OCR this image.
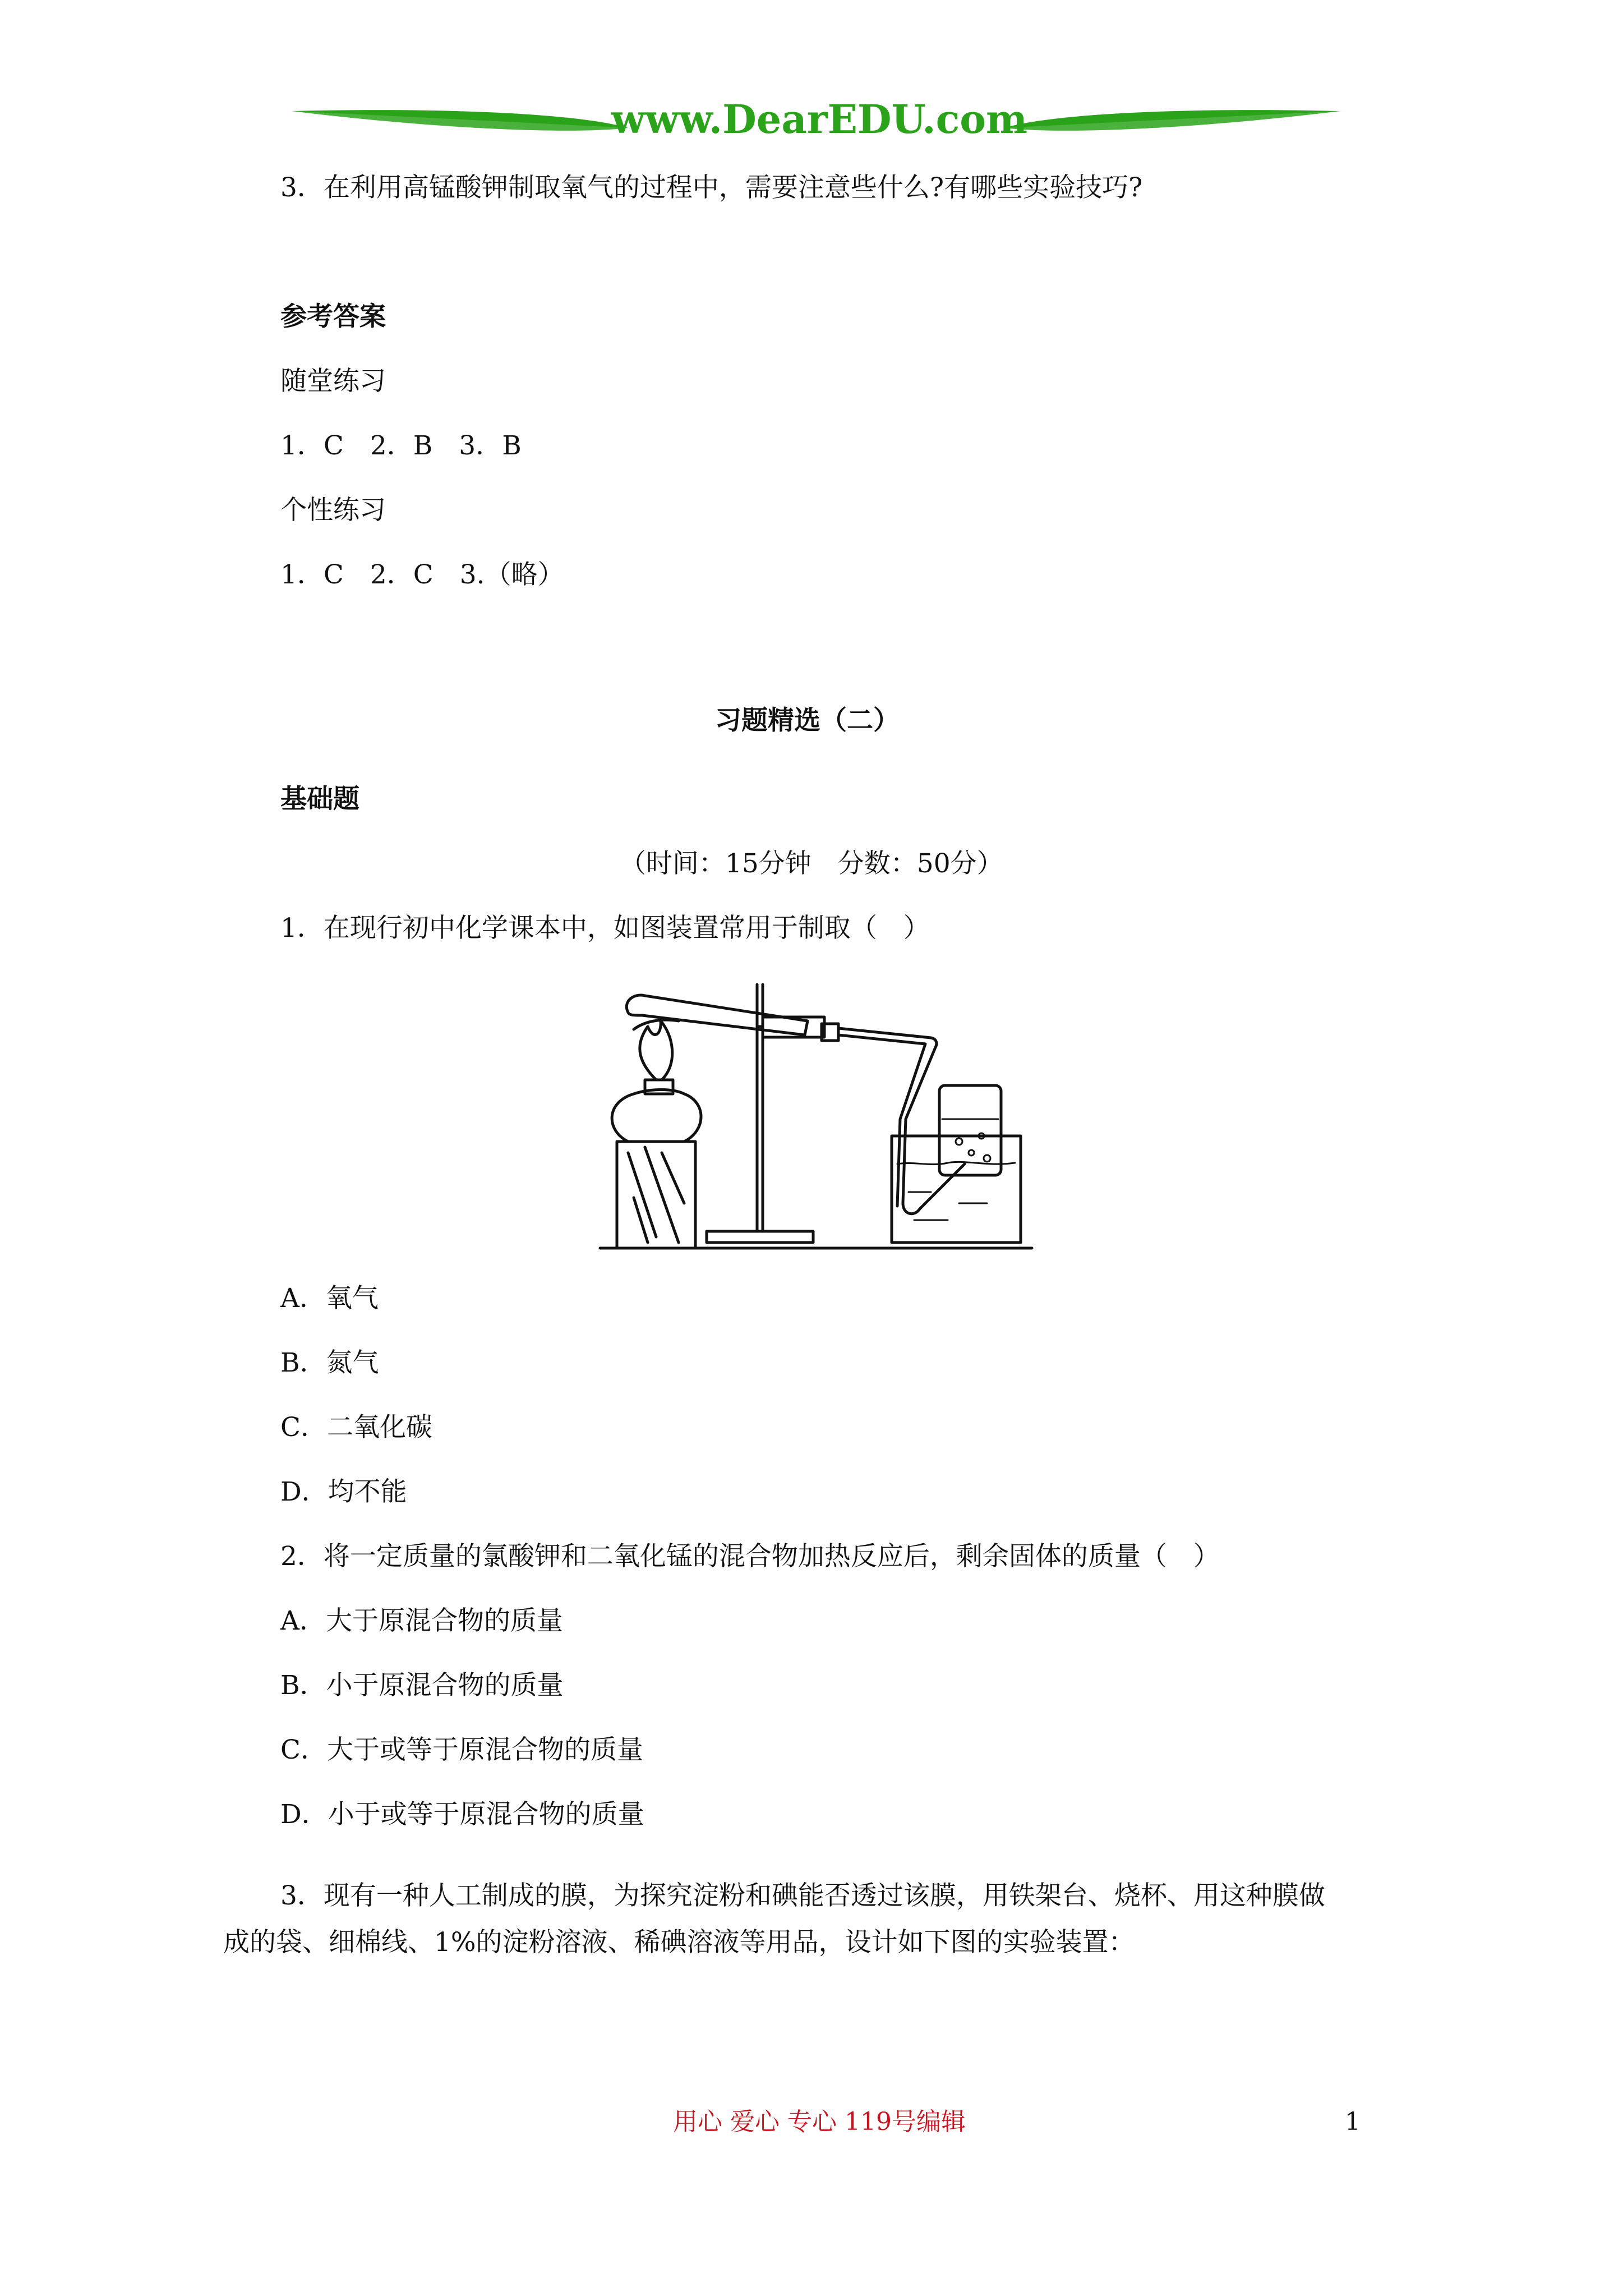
www.DearEDU.com
3．在利用高锰酸钾制取氧气的过程中，需要注意些什么?有哪些实验技巧?
参考答案
随堂练习
1．C　2．B　3．B
个性练习
1．C　2．C　3.（略）
习题精选（二）
基础题
（时间：15分钟　分数：50分）
1．在现行初中化学课本中，如图装置常用于制取（　）
A．氧气
B．氮气
C．二氧化碳
D．均不能
2．将一定质量的氯酸钾和二氧化锰的混合物加热反应后，剩余固体的质量（　）
A．大于原混合物的质量
B．小于原混合物的质量
C．大于或等于原混合物的质量
D．小于或等于原混合物的质量
3．现有一种人工制成的膜，为探究淀粉和碘能否透过该膜，用铁架台、烧杯、用这种膜做
成的袋、细棉线、1%的淀粉溶液、稀碘溶液等用品，设计如下图的实验装置：
用心 爱心 专心 119号编辑	1
